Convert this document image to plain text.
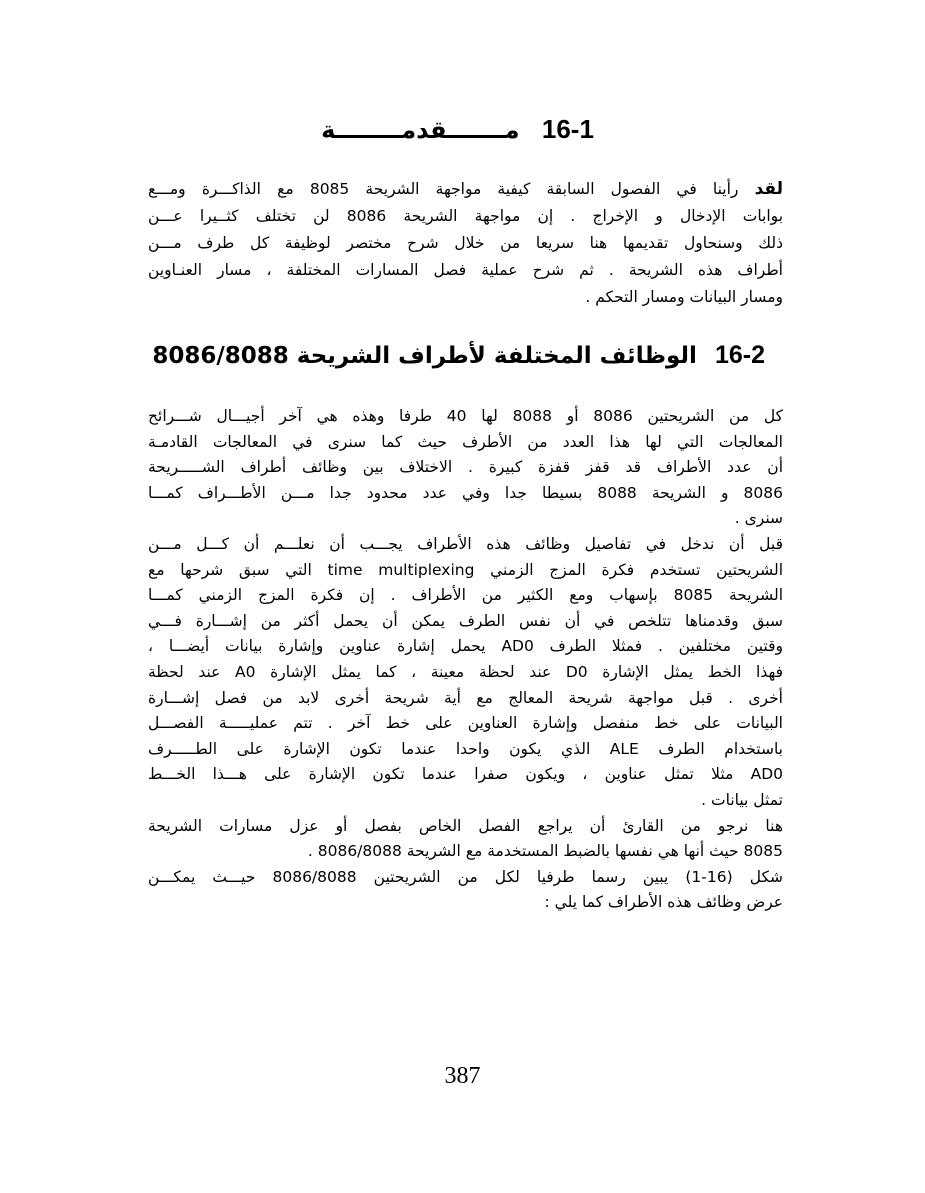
16-1 مـــــــقدمــــــــة
لقد رأينا في الفصول السابقة كيفية مواجهة الشريحة 8085 مع الذاكـــرة ومـــع
بوابات الإدخال و الإخراج . إن مواجهة الشريحة 8086 لن تختلف كثــيرا عـــن
ذلك وسنحاول تقديمها هنا سريعا من خلال شرح مختصر لوظيفة كل طرف مـــن
أطراف هذه الشريحة . ثم شرح عملية فصل المسارات المختلفة ، مسار العنـاوين
ومسار البيانات ومسار التحكم .
16-2 الوظائف المختلفة لأطراف الشريحة 8086/8088
كل من الشريحتين 8086 أو 8088 لها 40 طرفا وهذه هي آخر أجيـــال شـــرائح
المعالجات التي لها هذا العدد من الأطرف حيث كما سنرى في المعالجات القادمـة
أن عدد الأطراف قد قفز قفزة كبيرة . الاختلاف بين وظائف أطراف الشـــــريحة
8086 و الشريحة 8088 بسيطا جدا وفي عدد محدود جدا مـــن الأطـــراف كمـــا
سنرى .
قبل أن ندخل في تفاصيل وظائف هذه الأطراف يجـــب أن نعلـــم أن كـــل مـــن
الشريحتين تستخدم فكرة المزج الزمني time multiplexing التي سبق شرحها مع
الشريحة 8085 بإسهاب ومع الكثير من الأطراف . إن فكرة المزج الزمني كمـــا
سبق وقدمناها تتلخص في أن نفس الطرف يمكن أن يحمل أكثر من إشـــارة فـــي
وقتين مختلفين . فمثلا الطرف AD0 يحمل إشارة عناوين وإشارة بيانات أيضـــا ،
فهذا الخط يمثل الإشارة D0 عند لحظة معينة ، كما يمثل الإشارة A0 عند لحظة
أخرى . قبل مواجهة شريحة المعالج مع أية شريحة أخرى لابد من فصل إشـــارة
البيانات على خط منفصل وإشارة العناوين على خط آخر . تتم عمليـــــة الفصـــل
باستخدام الطرف ALE الذي يكون واحدا عندما تكون الإشارة على الطـــــرف
AD0 مثلا تمثل عناوين ، ويكون صفرا عندما تكون الإشارة على هـــذا الخـــط
تمثل بيانات .
هنا نرجو من القارئ أن يراجع الفصل الخاص بفصل أو عزل مسارات الشريحة
8085 حيث أنها هي نفسها بالضبط المستخدمة مع الشريحة 8086/8088 .
شكل (16-1) يبين رسما طرفيا لكل من الشريحتين 8086/8088 حيـــث يمكـــن
عرض وظائف هذه الأطراف كما يلي :
387
